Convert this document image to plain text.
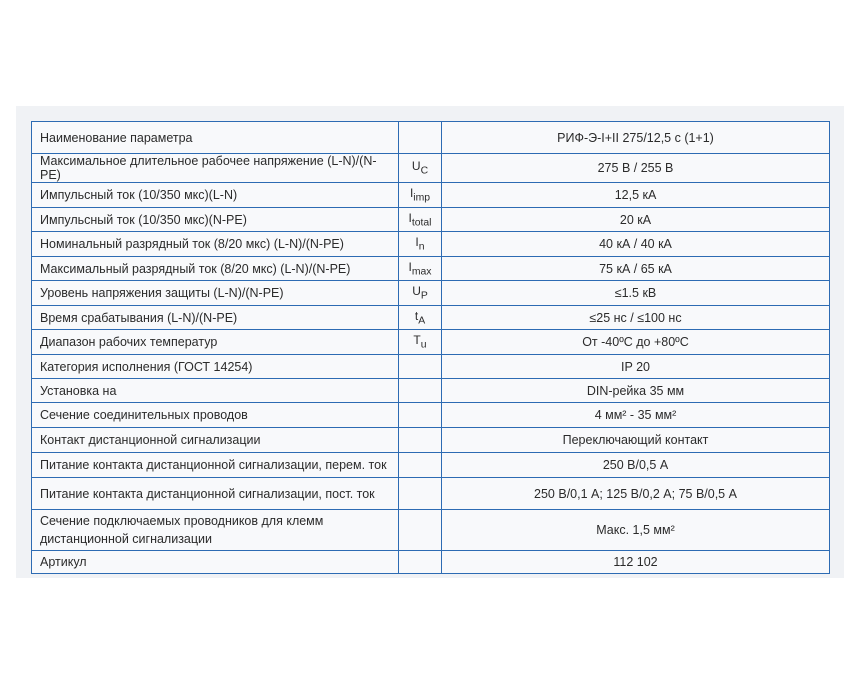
Наименование параметра		РИФ-Э-I+II 275/12,5 с (1+1)
Максимальное длительное рабочее напряжение (L-N)/(N-PE)	$U_C$	275 В / 255 В
Импульсный ток (10/350 мкс)(L-N)	$I_{imp}$	12,5 кА
Импульсный ток (10/350 мкс)(N-PE)	$I_{total}$	20 кА
Номинальный разрядный ток (8/20 мкс) (L-N)/(N-PE)	$I_n$	40 кА / 40 кА
Максимальный разрядный ток (8/20 мкс) (L-N)/(N-PE)	$I_{max}$	75 кА / 65 кА
Уровень напряжения защиты (L-N)/(N-PE)	$U_P$	≤1.5 кВ
Время срабатывания (L-N)/(N-PE)	$t_A$	≤25 нс / ≤100 нс
Диапазон рабочих температур	$T_u$	От -40ºС до +80ºС
Категория исполнения (ГОСТ 14254)		IP 20
Установка на		DIN-рейка 35 мм
Сечение соединительных проводов		4 мм² - 35 мм²
Контакт дистанционной сигнализации		Переключающий контакт
Питание контакта дистанционной сигнализации, перем. ток		250 В/0,5 А
Питание контакта дистанционной сигнализации, пост. ток		250 В/0,1 А; 125 В/0,2 А; 75 В/0,5 А
Сечение подключаемых проводников для клемм дистанционной сигнализации		Макс. 1,5 мм²
Артикул		112 102
